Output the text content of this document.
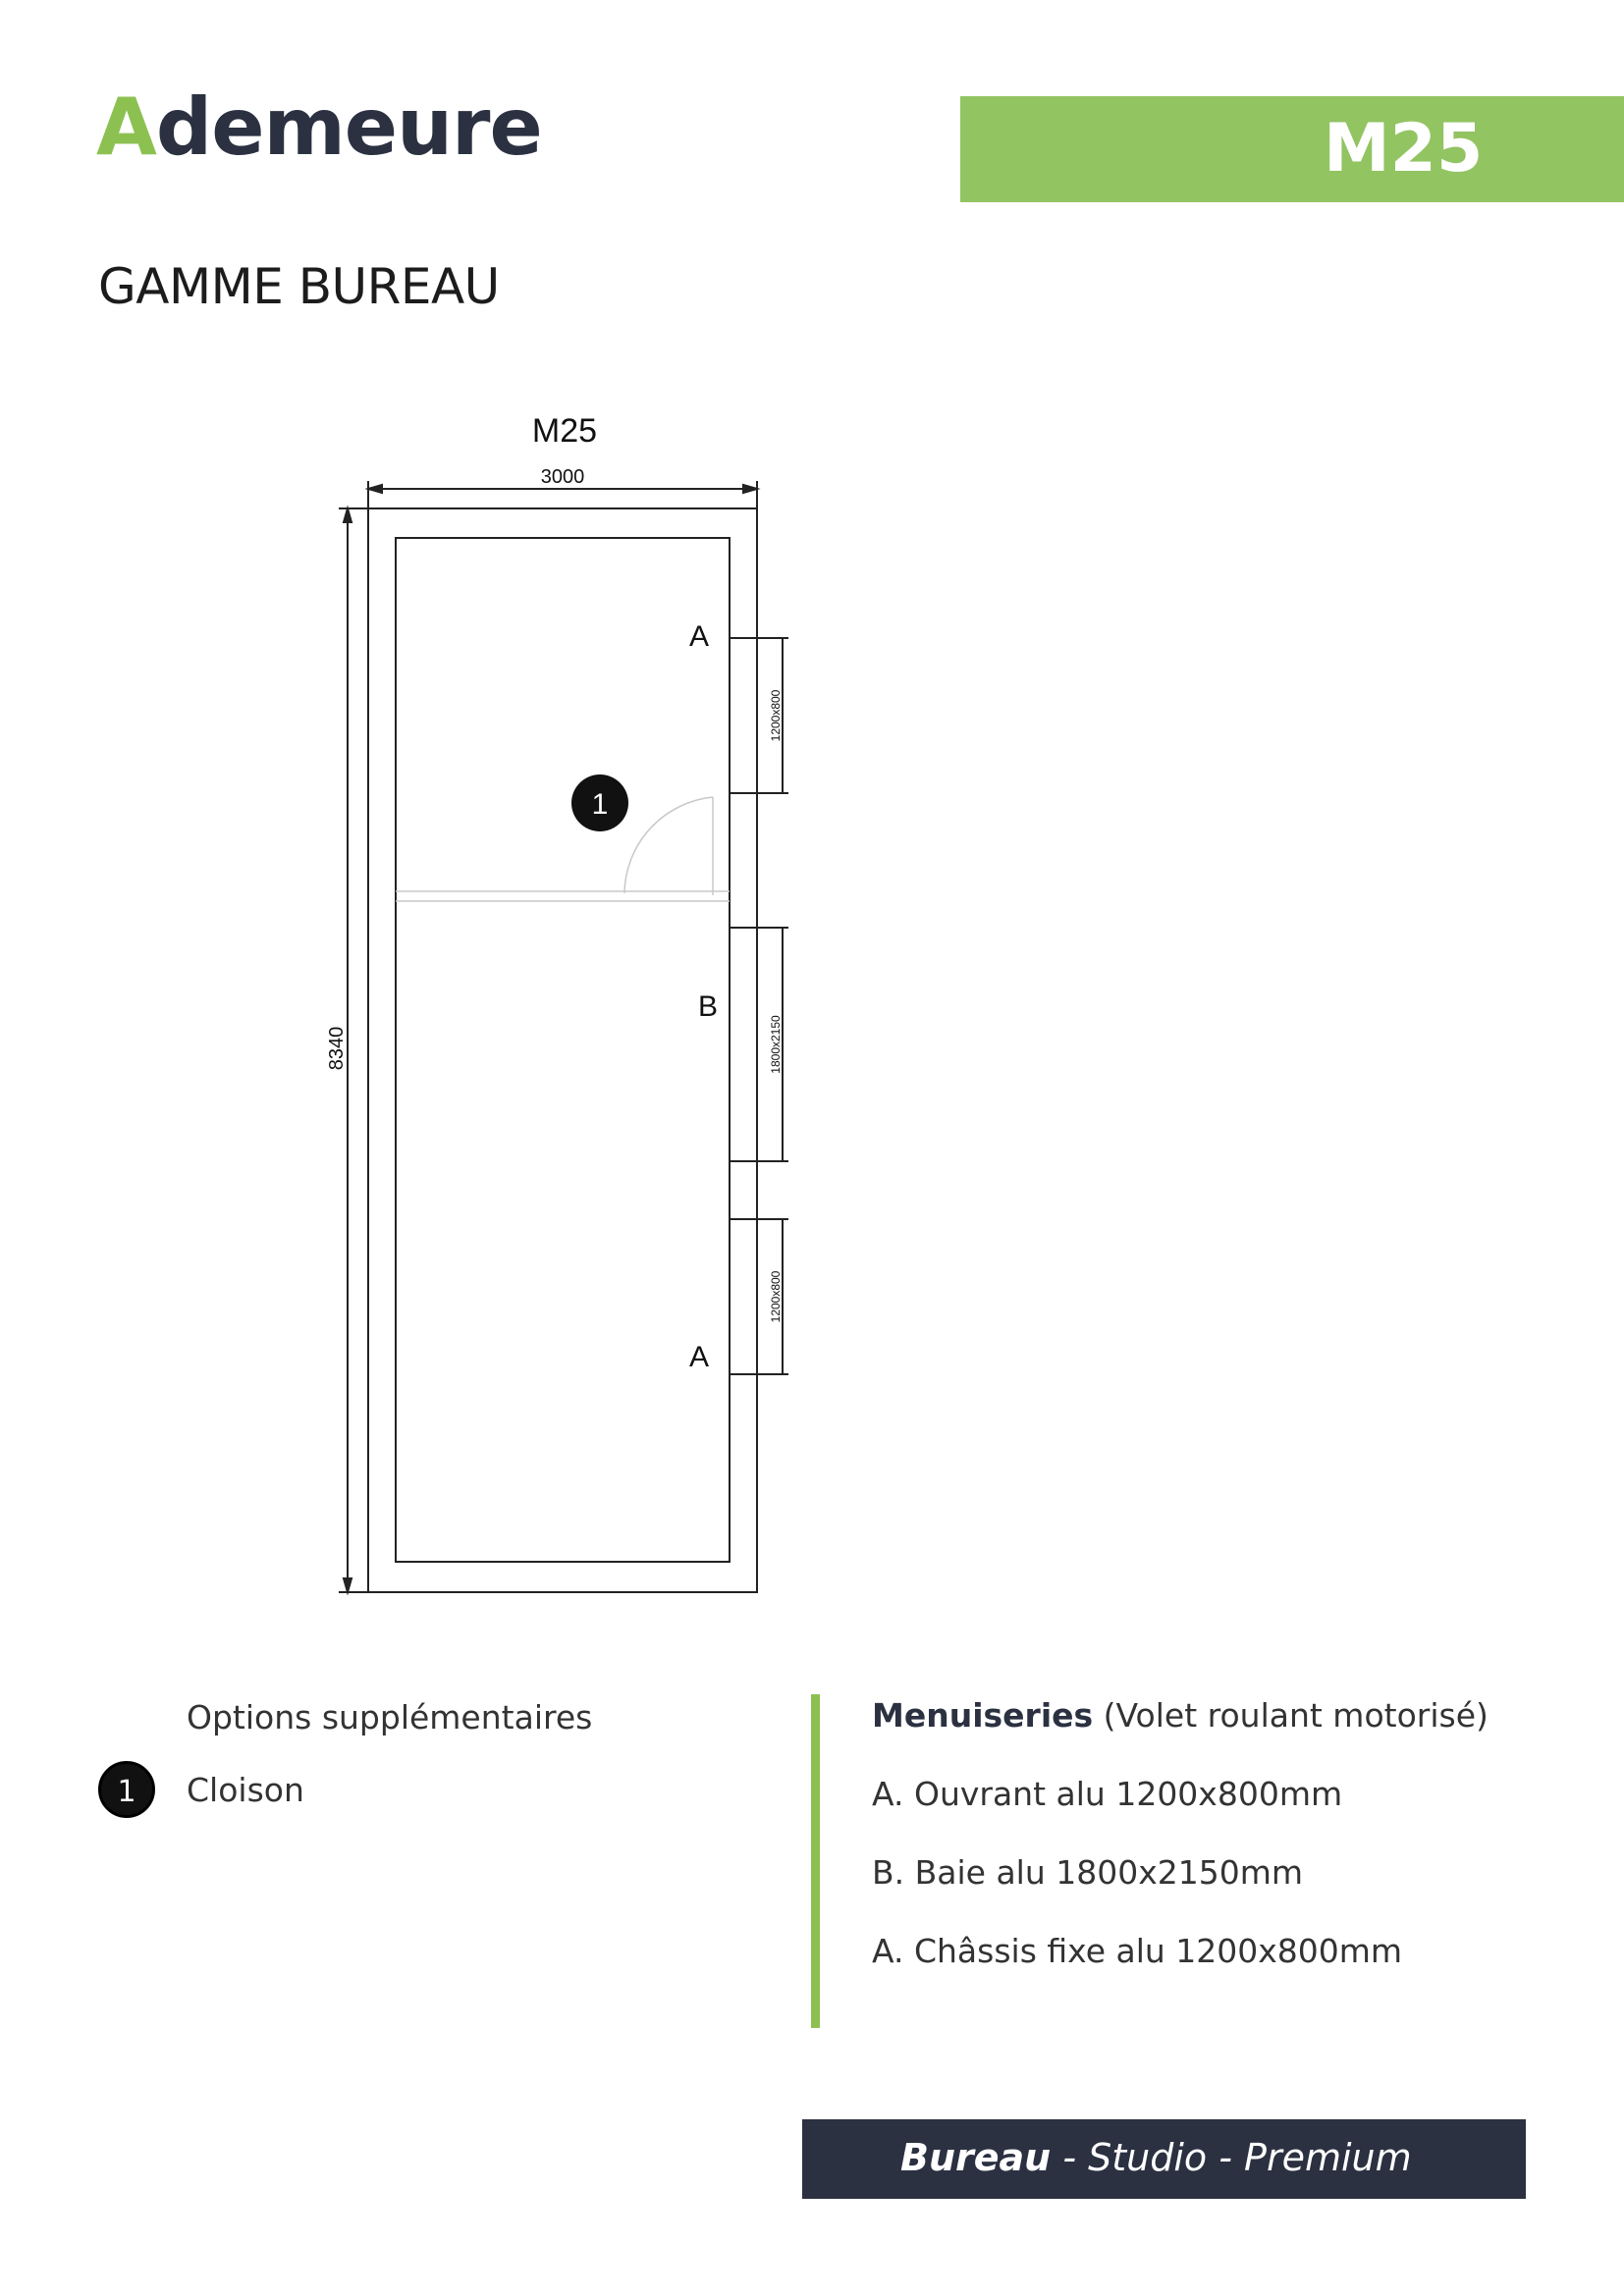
Ademeure	M25
GAMME BUREAU
1
M25
3000
8340
A
B
A
1200x800
1800x2150
1200x800
Options supplémentaires
1	Cloison
Menuiseries (Volet roulant motorisé)
A. Ouvrant alu 1200x800mm
B. Baie alu 1800x2150mm
A. Châssis fixe alu 1200x800mm
Bureau - Studio - Premium
